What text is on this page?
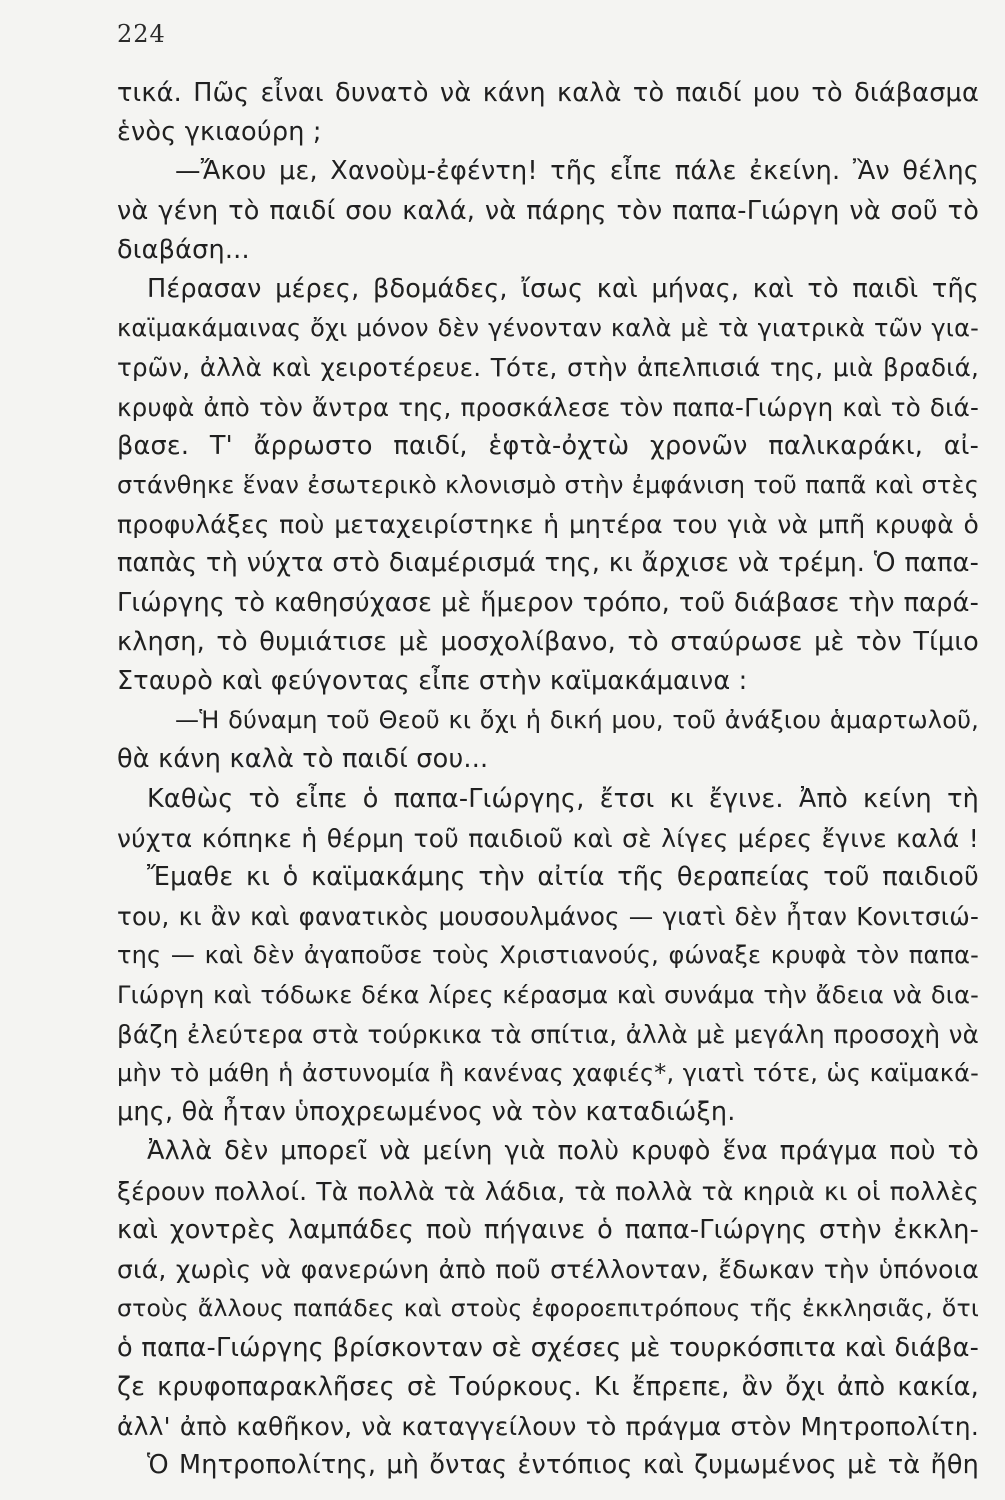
224
τικά. Πῶς εἶναι δυνατὸ νὰ κάνη καλὰ τὸ παιδί μου τὸ διάβασμα
ἑνὸς γκιαούρη ;
—Ἄκου με, Χανοὺμ-ἐφέντη! τῆς εἶπε πάλε ἐκείνη. Ἂν θέλης
νὰ γένη τὸ παιδί σου καλά, νὰ πάρης τὸν παπα-Γιώργη νὰ σοῦ τὸ
διαβάση...
Πέρασαν μέρες, βδομάδες, ἴσως καὶ μήνας, καὶ τὸ παιδὶ τῆς
καϊμακάμαινας ὄχι μόνον δὲν γένονταν καλὰ μὲ τὰ γιατρικὰ τῶν για-
τρῶν, ἀλλὰ καὶ χειροτέρευε. Τότε, στὴν ἀπελπισιά της, μιὰ βραδιά,
κρυφὰ ἀπὸ τὸν ἄντρα της, προσκάλεσε τὸν παπα-Γιώργη καὶ τὸ διά-
βασε. Τ' ἄρρωστο παιδί, ἑφτὰ-ὀχτὼ χρονῶν παλικαράκι, αἰ-
στάνθηκε ἕναν ἐσωτερικὸ κλονισμὸ στὴν ἐμφάνιση τοῦ παπᾶ καὶ στὲς
προφυλάξες ποὺ μεταχειρίστηκε ἡ μητέρα του γιὰ νὰ μπῆ κρυφὰ ὁ
παπὰς τὴ νύχτα στὸ διαμέρισμά της, κι ἄρχισε νὰ τρέμη. Ὁ παπα-
Γιώργης τὸ καθησύχασε μὲ ἥμερον τρόπο, τοῦ διάβασε τὴν παρά-
κληση, τὸ θυμιάτισε μὲ μοσχολίβανο, τὸ σταύρωσε μὲ τὸν Τίμιο
Σταυρὸ καὶ φεύγοντας εἶπε στὴν καϊμακάμαινα :
—Ἡ δύναμη τοῦ Θεοῦ κι ὄχι ἡ δική μου, τοῦ ἀνάξιου ἁμαρτωλοῦ,
θὰ κάνη καλὰ τὸ παιδί σου...
Καθὼς τὸ εἶπε ὁ παπα-Γιώργης, ἔτσι κι ἔγινε. Ἀπὸ κείνη τὴ
νύχτα κόπηκε ἡ θέρμη τοῦ παιδιοῦ καὶ σὲ λίγες μέρες ἔγινε καλά !
Ἔμαθε κι ὁ καϊμακάμης τὴν αἰτία τῆς θεραπείας τοῦ παιδιοῦ
του, κι ἂν καὶ φανατικὸς μουσουλμάνος — γιατὶ δὲν ἦταν Κονιτσιώ-
της — καὶ δὲν ἀγαποῦσε τοὺς Χριστιανούς, φώναξε κρυφὰ τὸν παπα-
Γιώργη καὶ τόδωκε δέκα λίρες κέρασμα καὶ συνάμα τὴν ἄδεια νὰ δια-
βάζη ἐλεύτερα στὰ τούρκικα τὰ σπίτια, ἀλλὰ μὲ μεγάλη προσοχὴ νὰ
μὴν τὸ μάθη ἡ ἀστυνομία ἢ κανένας χαφιές*, γιατὶ τότε, ὡς καϊμακά-
μης, θὰ ἦταν ὑποχρεωμένος νὰ τὸν καταδιώξη.
Ἀλλὰ δὲν μπορεῖ νὰ μείνη γιὰ πολὺ κρυφὸ ἕνα πράγμα ποὺ τὸ
ξέρουν πολλοί. Τὰ πολλὰ τὰ λάδια, τὰ πολλὰ τὰ κηριὰ κι οἱ πολλὲς
καὶ χοντρὲς λαμπάδες ποὺ πήγαινε ὁ παπα-Γιώργης στὴν ἐκκλη-
σιά, χωρὶς νὰ φανερώνη ἀπὸ ποῦ στέλλονταν, ἔδωκαν τὴν ὑπόνοια
στοὺς ἄλλους παπάδες καὶ στοὺς ἐφοροεπιτρόπους τῆς ἐκκλησιᾶς, ὅτι
ὁ παπα-Γιώργης βρίσκονταν σὲ σχέσες μὲ τουρκόσπιτα καὶ διάβα-
ζε κρυφοπαρακλῆσες σὲ Τούρκους. Κι ἔπρεπε, ἂν ὄχι ἀπὸ κακία,
ἀλλ' ἀπὸ καθῆκον, νὰ καταγγείλουν τὸ πράγμα στὸν Μητροπολίτη.
Ὁ Μητροπολίτης, μὴ ὄντας ἐντόπιος καὶ ζυμωμένος μὲ τὰ ἤθη
